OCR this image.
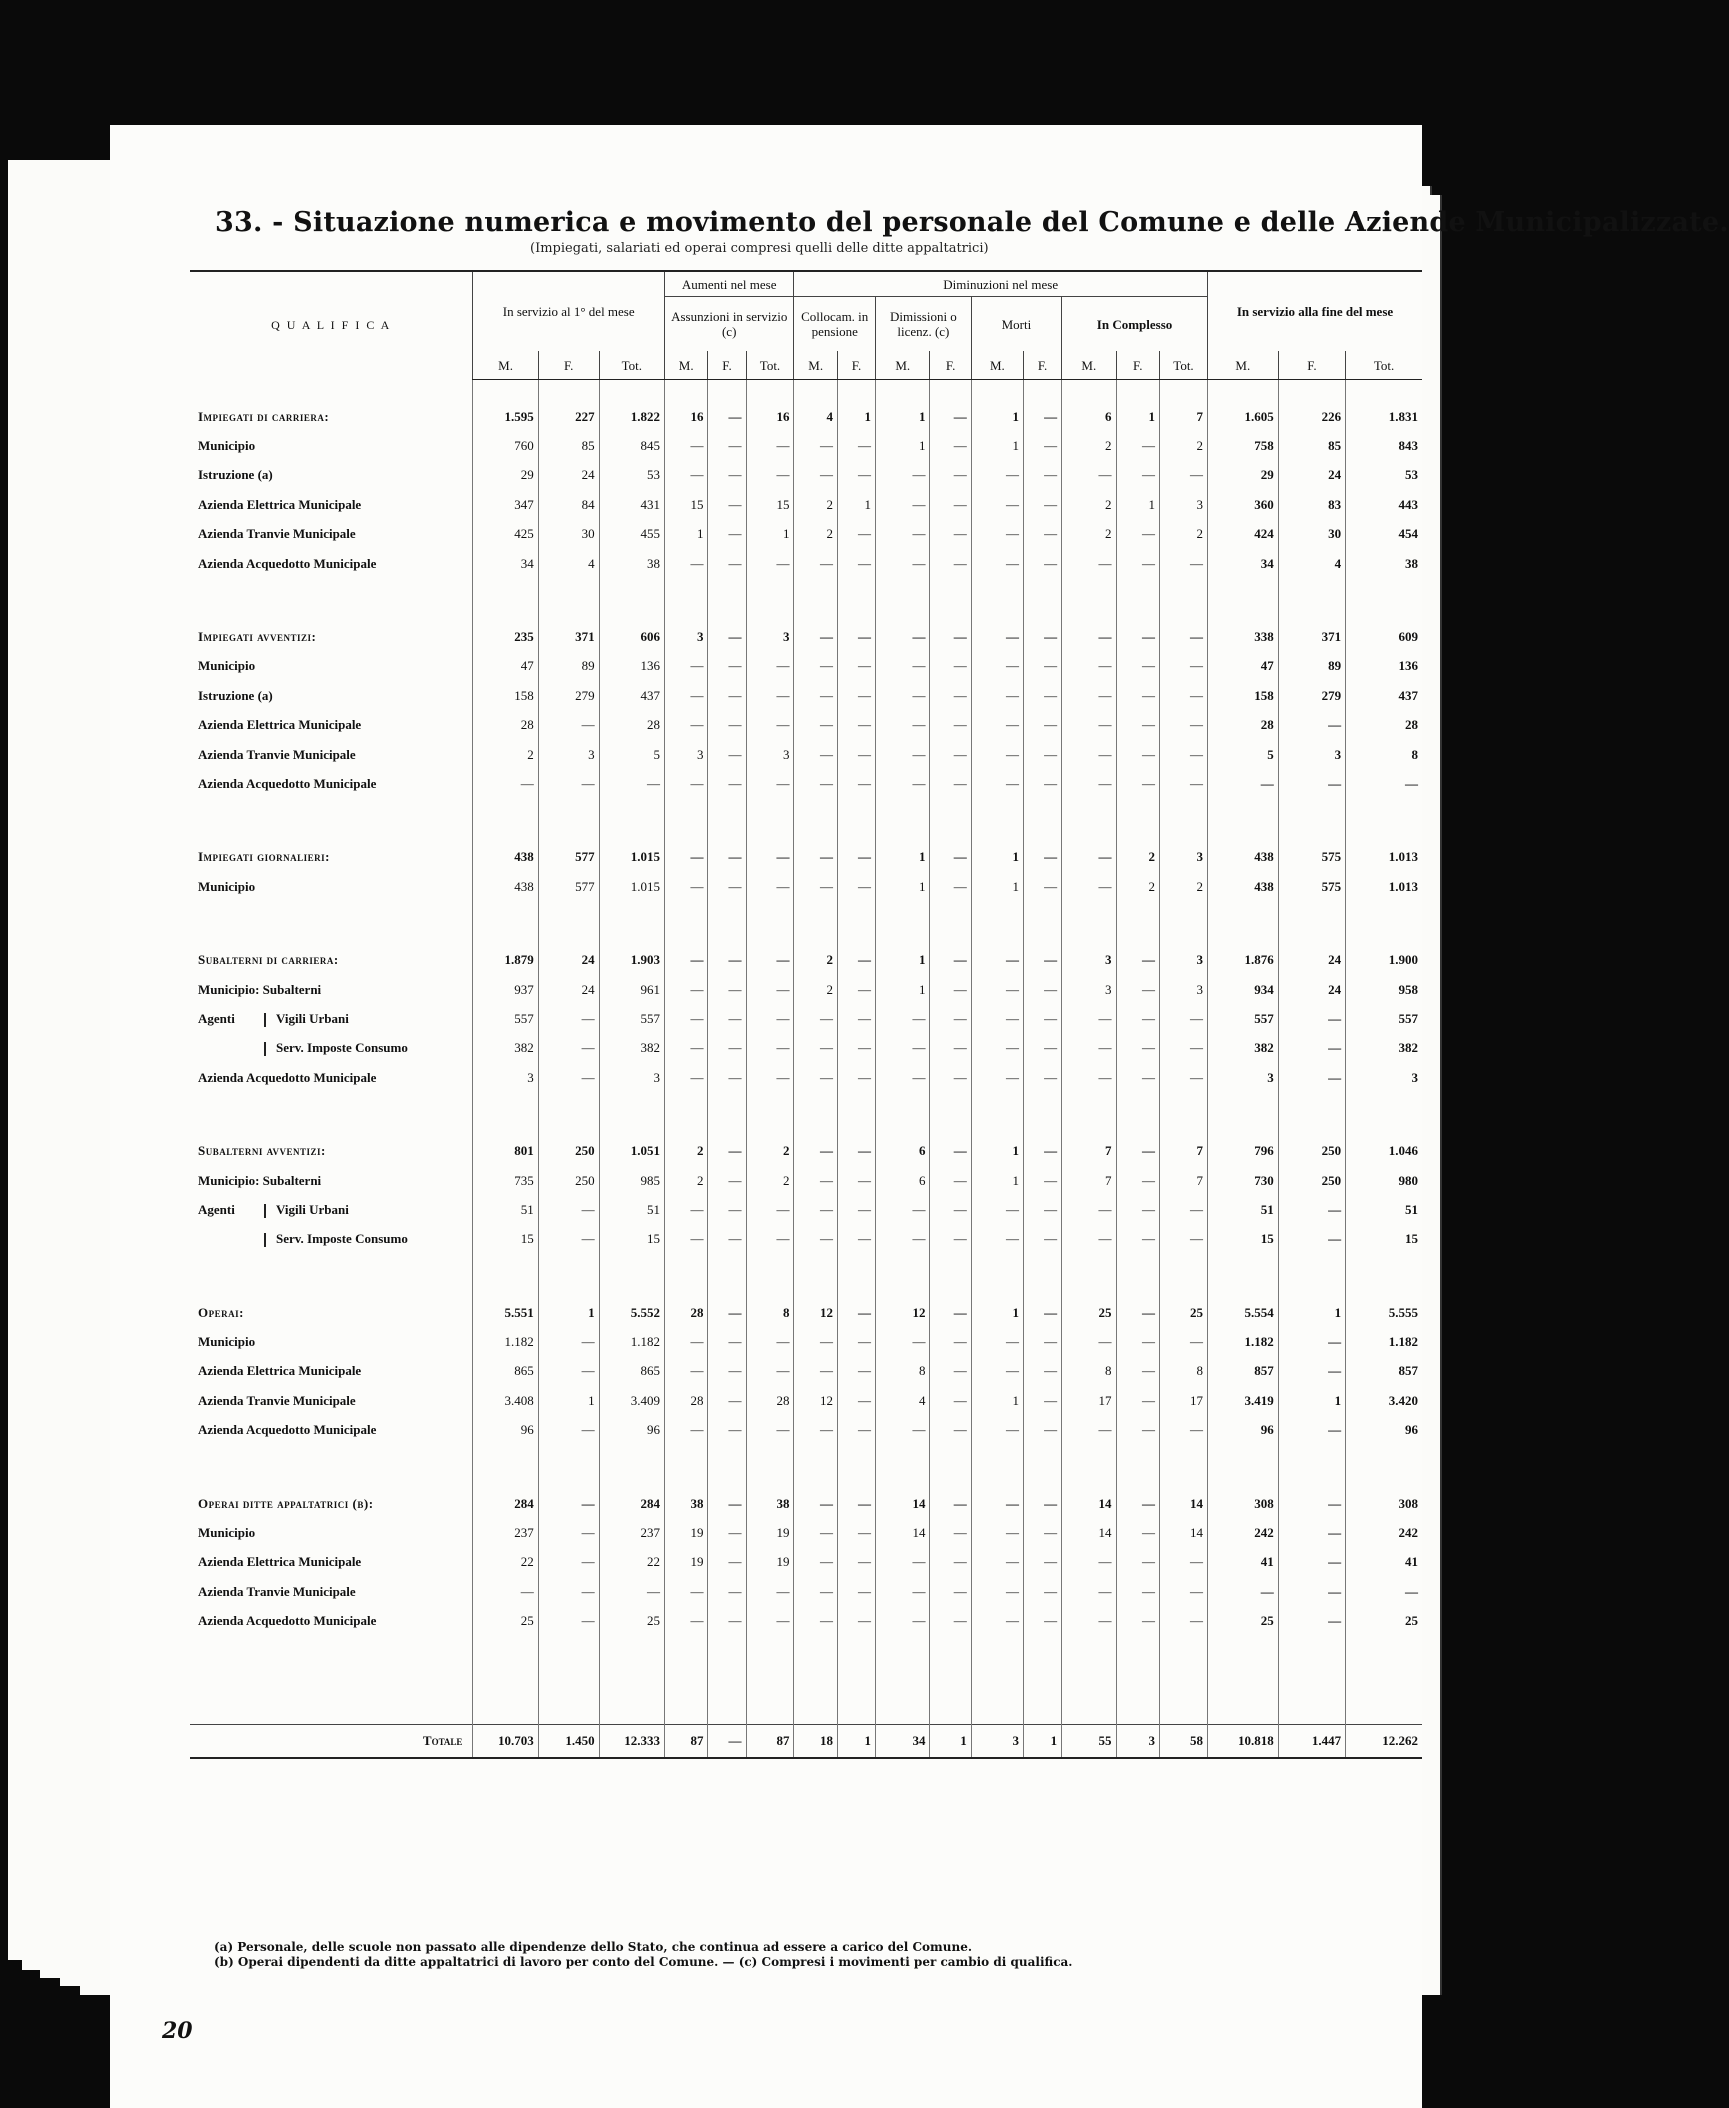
33. - Situazione numerica e movimento del personale del Comune e delle Aziende Municipalizzate.
(Impiegati, salariati ed operai compresi quelli delle ditte appaltatrici)
Q U A L I F I C A	In servizio al 1° del mese			Aumenti nel mese			Diminuzioni nel mese									In servizio alla fine del mese		
				Assunzioni in servizio (c)			Collocam. in pensione		Dimissioni o licenz. (c)		Morti		In Complesso					
	M.	F.	Tot.	M.	F.	Tot.	M.	F.	M.	F.	M.	F.	M.	F.	Tot.	M.	F.	Tot.

Impiegati di carriera:	1.595	227	1.822	16	—	16	4	1	1	—	1	—	6	1	7	1.605	226	1.831
Municipio	760	85	845	—	—	—	—	—	1	—	1	—	2	—	2	758	85	843
Istruzione (a)	29	24	53	—	—	—	—	—	—	—	—	—	—	—	—	29	24	53
Azienda Elettrica Municipale	347	84	431	15	—	15	2	1	—	—	—	—	2	1	3	360	83	443
Azienda Tranvie Municipale	425	30	455	1	—	1	2	—	—	—	—	—	2	—	2	424	30	454
Azienda Acquedotto Municipale	34	4	38	—	—	—	—	—	—	—	—	—	—	—	—	34	4	38

Impiegati avventizi:	235	371	606	3	—	3	—	—	—	—	—	—	—	—	—	338	371	609
Municipio	47	89	136	—	—	—	—	—	—	—	—	—	—	—	—	47	89	136
Istruzione (a)	158	279	437	—	—	—	—	—	—	—	—	—	—	—	—	158	279	437
Azienda Elettrica Municipale	28	—	28	—	—	—	—	—	—	—	—	—	—	—	—	28	—	28
Azienda Tranvie Municipale	2	3	5	3	—	3	—	—	—	—	—	—	—	—	—	5	3	8
Azienda Acquedotto Municipale	—	—	—	—	—	—	—	—	—	—	—	—	—	—	—	—	—	—

Impiegati giornalieri:	438	577	1.015	—	—	—	—	—	1	—	1	—	—	2	3	438	575	1.013
Municipio	438	577	1.015	—	—	—	—	—	1	—	1	—	—	2	2	438	575	1.013

Subalterni di carriera:	1.879	24	1.903	—	—	—	2	—	1	—	—	—	3	—	3	1.876	24	1.900
Municipio: Subalterni	937	24	961	—	—	—	2	—	1	—	—	—	3	—	3	934	24	958
Agenti Vigili Urbani	557	—	557	—	—	—	—	—	—	—	—	—	—	—	—	557	—	557
Serv. Imposte Consumo	382	—	382	—	—	—	—	—	—	—	—	—	—	—	—	382	—	382
Azienda Acquedotto Municipale	3	—	3	—	—	—	—	—	—	—	—	—	—	—	—	3	—	3

Subalterni avventizi:	801	250	1.051	2	—	2	—	—	6	—	1	—	7	—	7	796	250	1.046
Municipio: Subalterni	735	250	985	2	—	2	—	—	6	—	1	—	7	—	7	730	250	980
Agenti Vigili Urbani	51	—	51	—	—	—	—	—	—	—	—	—	—	—	—	51	—	51
Serv. Imposte Consumo	15	—	15	—	—	—	—	—	—	—	—	—	—	—	—	15	—	15

Operai:	5.551	1	5.552	28	—	8	12	—	12	—	1	—	25	—	25	5.554	1	5.555
Municipio	1.182	—	1.182	—	—	—	—	—	—	—	—	—	—	—	—	1.182	—	1.182
Azienda Elettrica Municipale	865	—	865	—	—	—	—	—	8	—	—	—	8	—	8	857	—	857
Azienda Tranvie Municipale	3.408	1	3.409	28	—	28	12	—	4	—	1	—	17	—	17	3.419	1	3.420
Azienda Acquedotto Municipale	96	—	96	—	—	—	—	—	—	—	—	—	—	—	—	96	—	96

Operai ditte appaltatrici (b):	284	—	284	38	—	38	—	—	14	—	—	—	14	—	14	308	—	308
Municipio	237	—	237	19	—	19	—	—	14	—	—	—	14	—	14	242	—	242
Azienda Elettrica Municipale	22	—	22	19	—	19	—	—	—	—	—	—	—	—	—	41	—	41
Azienda Tranvie Municipale	—	—	—	—	—	—	—	—	—	—	—	—	—	—	—	—	—	—
Azienda Acquedotto Municipale	25	—	25	—	—	—	—	—	—	—	—	—	—	—	—	25	—	25

Totale	10.703	1.450	12.333	87	—	87	18	1	34	1	3	1	55	3	58	10.818	1.447	12.262
(a) Personale, delle scuole non passato alle dipendenze dello Stato, che continua ad essere a carico del Comune.
(b) Operai dipendenti da ditte appaltatrici di lavoro per conto del Comune. — (c) Compresi i movimenti per cambio di qualifica.
20
